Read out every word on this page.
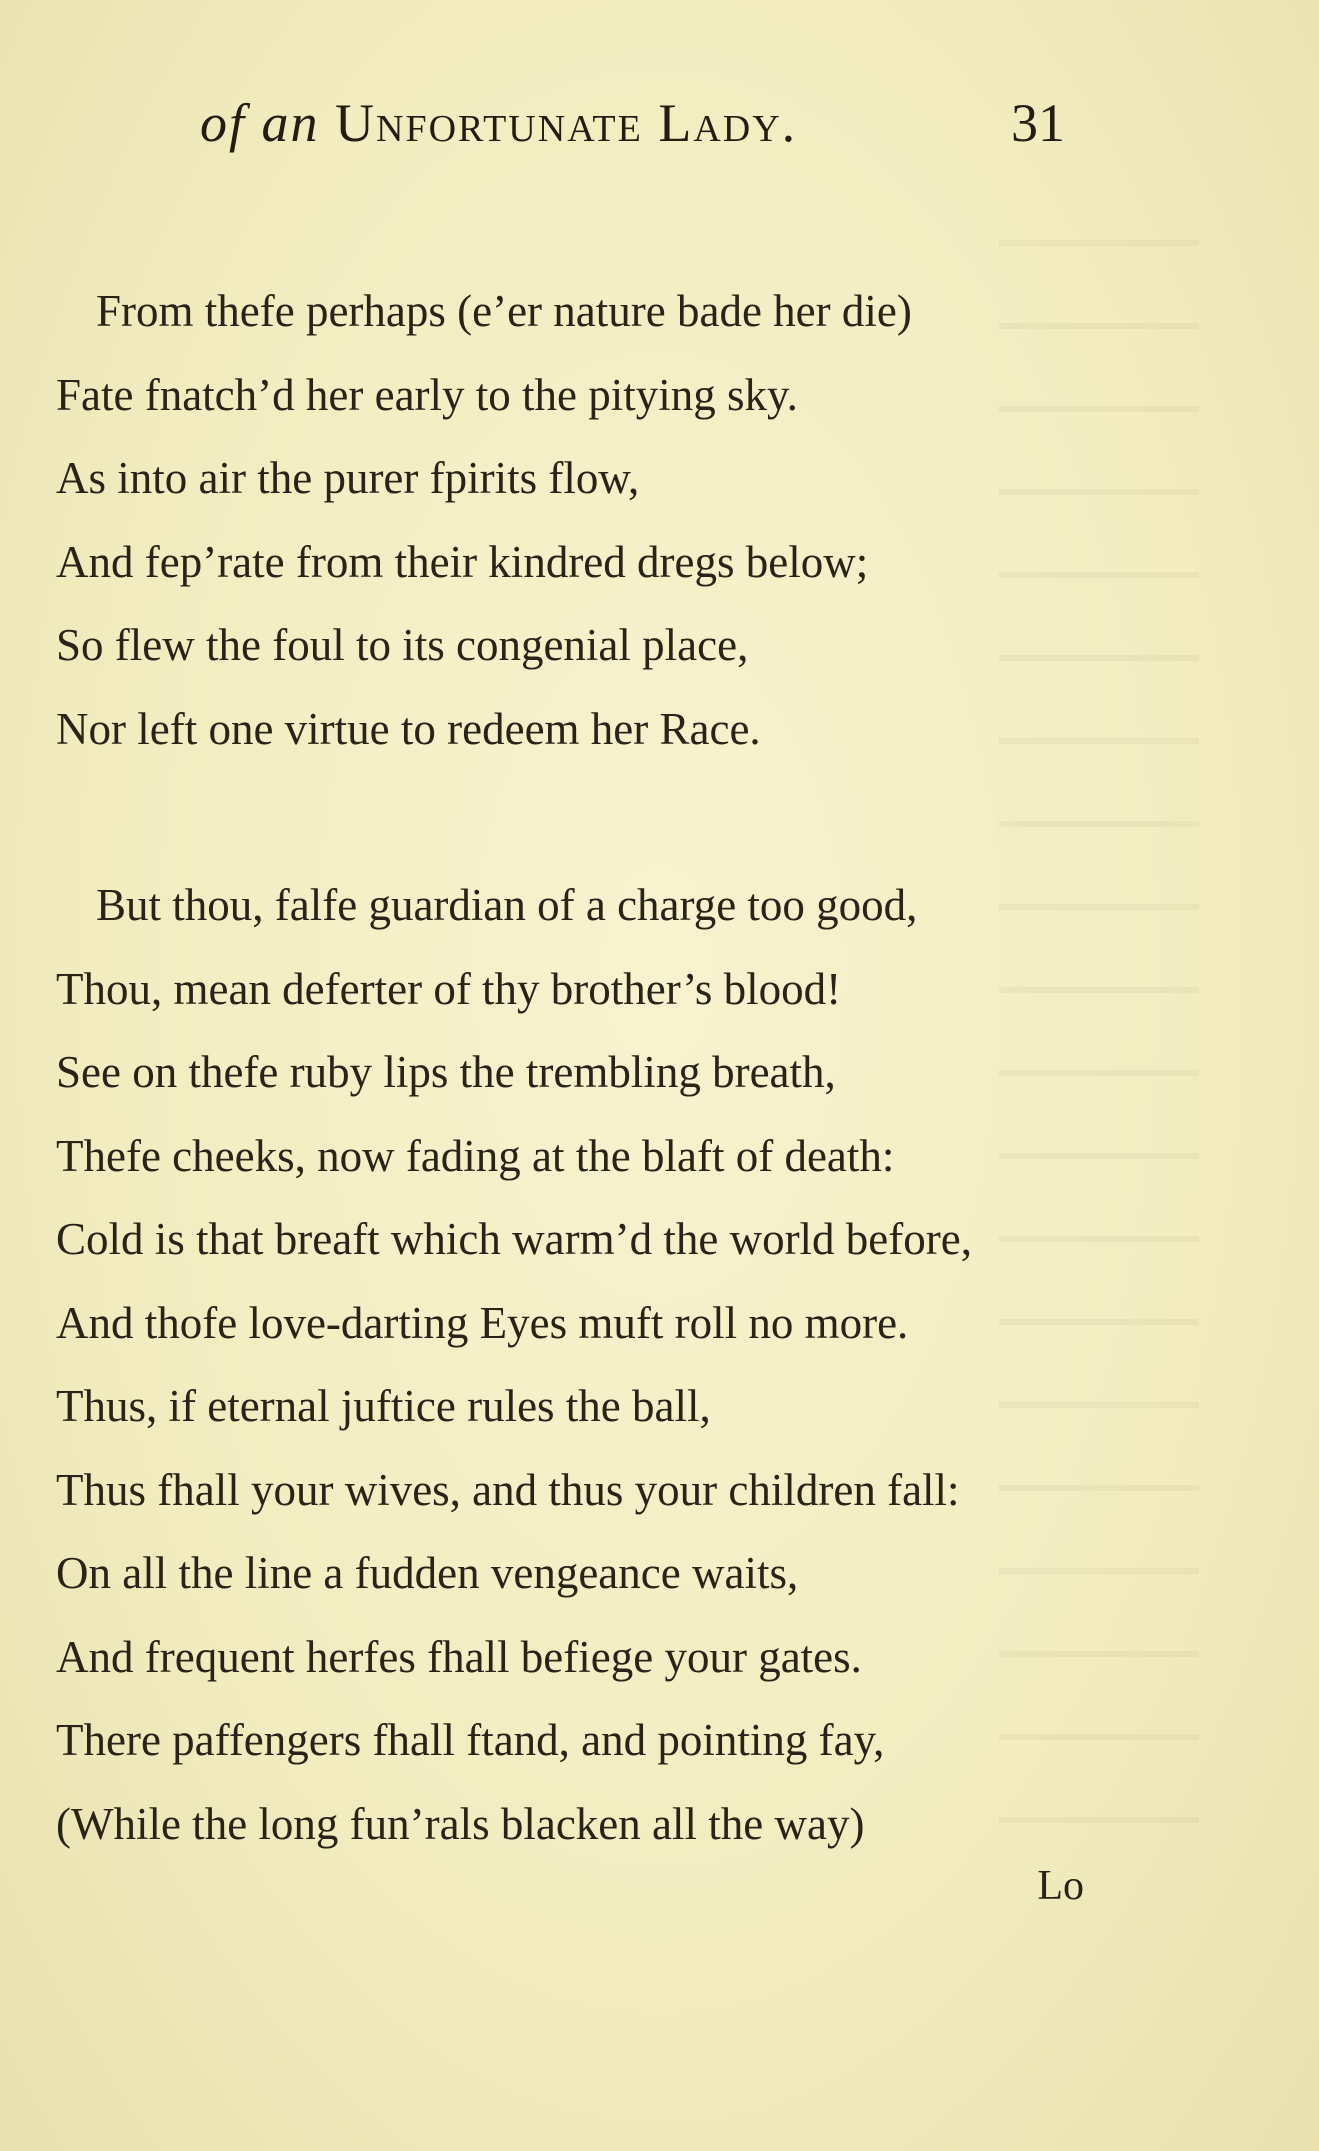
of an Unfortunate Lady.	31
From thefe perhaps (e’er nature bade her die)
Fate fnatch’d her early to the pitying sky.
As into air the purer fpirits flow,
And fep’rate from their kindred dregs below;
So flew the foul to its congenial place,
Nor left one virtue to redeem her Race.
But thou, falfe guardian of a charge too good,
Thou, mean deferter of thy brother’s blood!
See on thefe ruby lips the trembling breath,
Thefe cheeks, now fading at the blaft of death:
Cold is that breaft which warm’d the world before,
And thofe love-darting Eyes muft roll no more.
Thus, if eternal juftice rules the ball,
Thus fhall your wives, and thus your children fall:
On all the line a fudden vengeance waits,
And frequent herfes fhall befiege your gates.
There paffengers fhall ftand, and pointing fay,
(While the long fun’rals blacken all the way)
Lo
